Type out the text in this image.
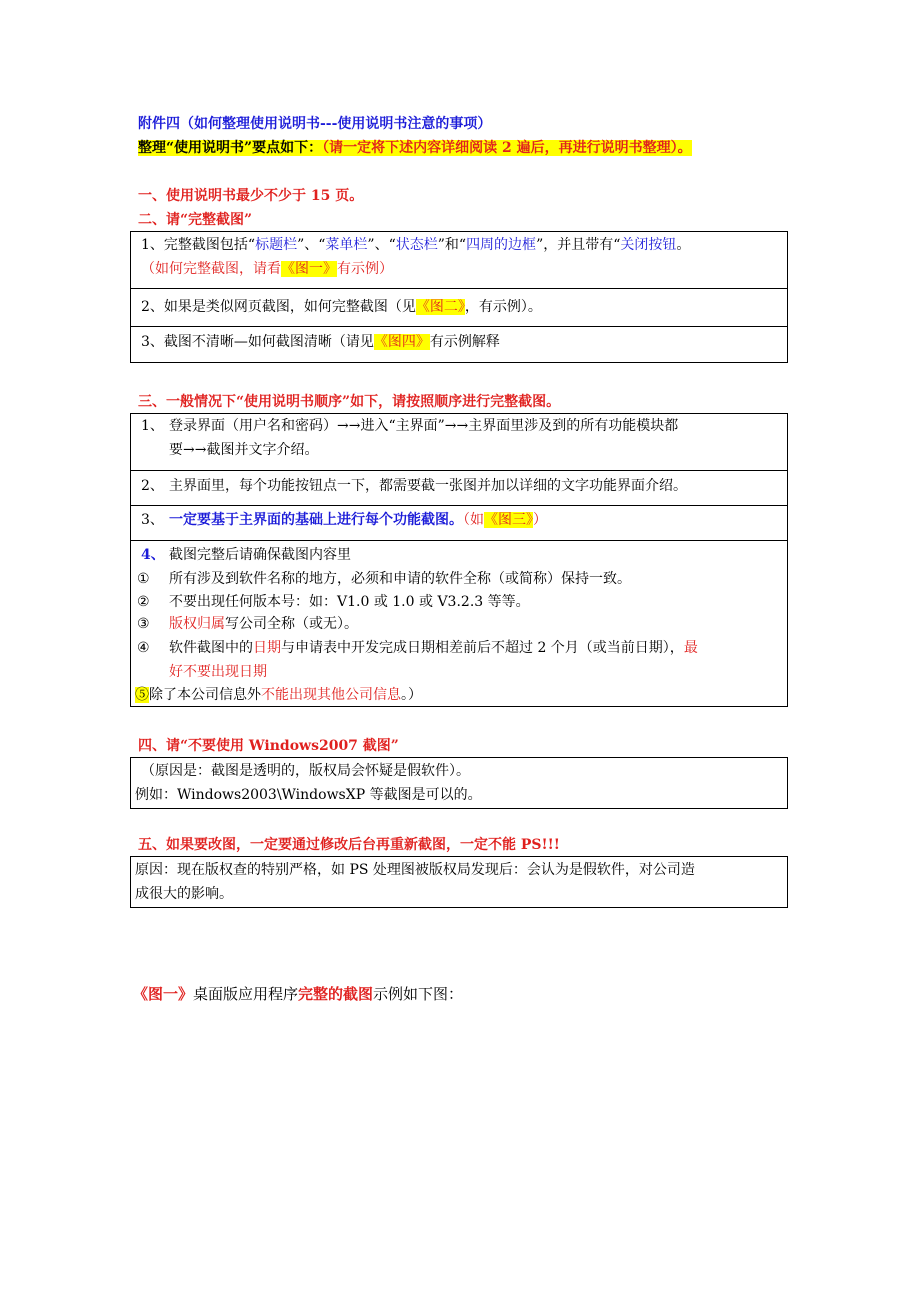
附件四（如何整理使用说明书---使用说明书注意的事项）
整理“使用说明书”要点如下：（请一定将下述内容详细阅读 2 遍后，再进行说明书整理）。
一、使用说明书最少不少于 15 页。
二、请“完整截图”
1、完整截图包括“标题栏”、“菜单栏”、“状态栏”和“四周的边框”，并且带有“关闭按钮。
（如何完整截图，请看《图一》有示例）
2、如果是类似网页截图，如何完整截图（见《图二》，有示例）。
3、截图不清晰—如何截图清晰（请见《图四》有示例解释
三、一般情况下“使用说明书顺序”如下，请按照顺序进行完整截图。
1、 登录界面（用户名和密码）→→进入“主界面”→→主界面里涉及到的所有功能模块都
要→→截图并文字介绍。
2、 主界面里，每个功能按钮点一下，都需要截一张图并加以详细的文字功能界面介绍。
3、 一定要基于主界面的基础上进行每个功能截图。（如《图三》）
4、 截图完整后请确保截图内容里
① 所有涉及到软件名称的地方，必须和申请的软件全称（或简称）保持一致。
② 不要出现任何版本号：如：V1.0 或 1.0 或 V3.2.3 等等。
③ 版权归属写公司全称（或无）。
④ 软件截图中的日期与申请表中开发完成日期相差前后不超过 2 个月（或当前日期），最
好不要出现日期
⑤除了本公司信息外不能出现其他公司信息。）
四、请“不要使用 Windows2007 截图”
（原因是：截图是透明的，版权局会怀疑是假软件）。
例如：Windows2003\WindowsXP 等截图是可以的。
五、如果要改图，一定要通过修改后台再重新截图，一定不能 PS!!!
原因：现在版权查的特别严格，如 PS 处理图被版权局发现后：会认为是假软件，对公司造
成很大的影响。
《图一》桌面版应用程序完整的截图示例如下图：
